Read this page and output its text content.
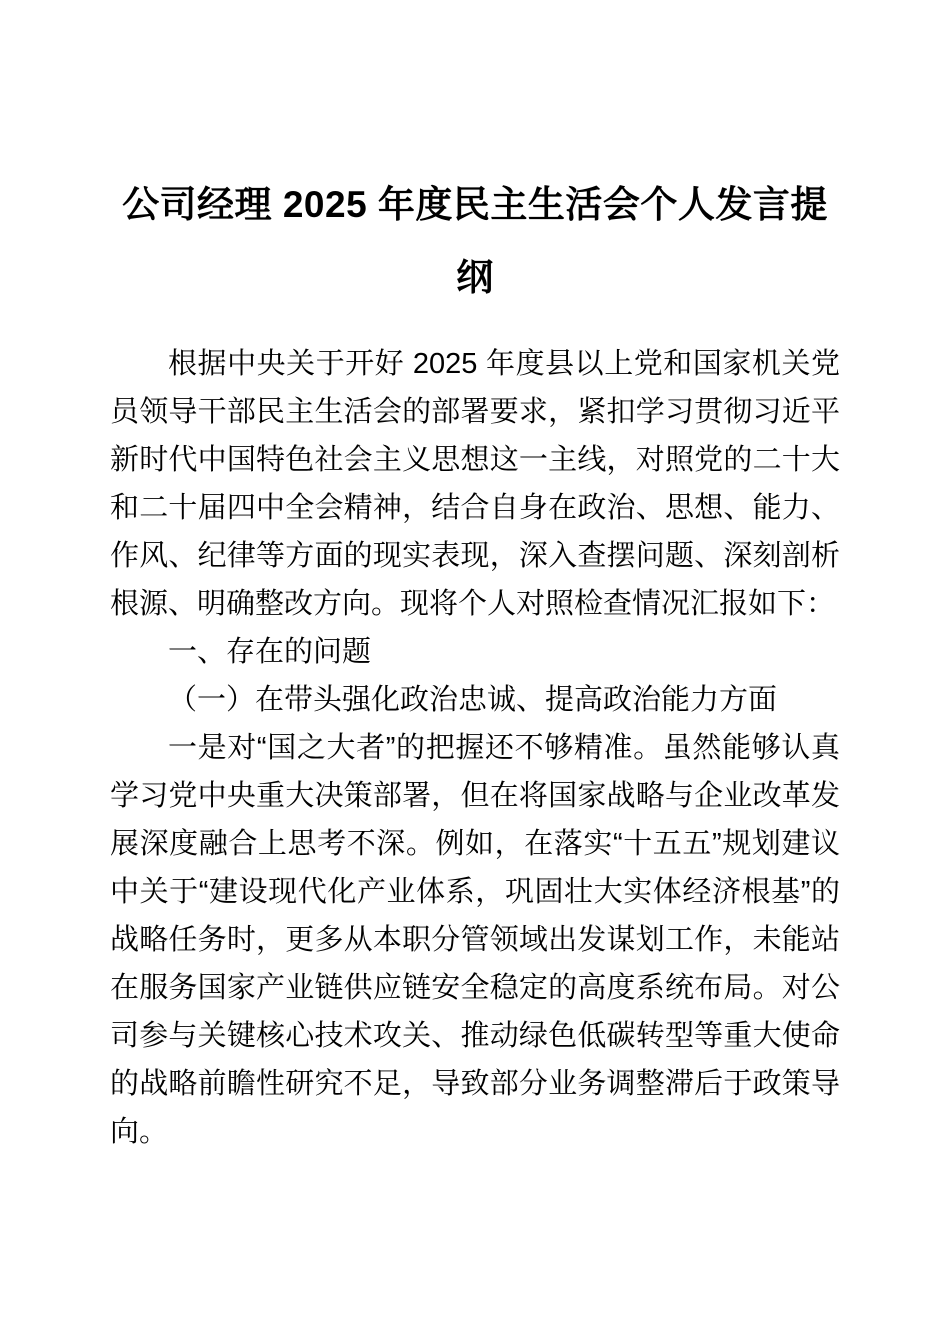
公司经理 2025 年度民主生活会个人发言提纲

根据中央关于开好 2025 年度县以上党和国家机关党员领导干部民主生活会的部署要求，紧扣学习贯彻习近平新时代中国特色社会主义思想这一主线，对照党的二十大和二十届四中全会精神，结合自身在政治、思想、能力、作风、纪律等方面的现实表现，深入查摆问题、深刻剖析根源、明确整改方向。现将个人对照检查情况汇报如下：

一、存在的问题

（一）在带头强化政治忠诚、提高政治能力方面

一是对“国之大者”的把握还不够精准。虽然能够认真学习党中央重大决策部署，但在将国家战略与企业改革发展深度融合上思考不深。例如，在落实“十五五”规划建议中关于“建设现代化产业体系，巩固壮大实体经济根基”的战略任务时，更多从本职分管领域出发谋划工作，未能站在服务国家产业链供应链安全稳定的高度系统布局。对公司参与关键核心技术攻关、推动绿色低碳转型等重大使命的战略前瞻性研究不足，导致部分业务调整滞后于政策导向。
